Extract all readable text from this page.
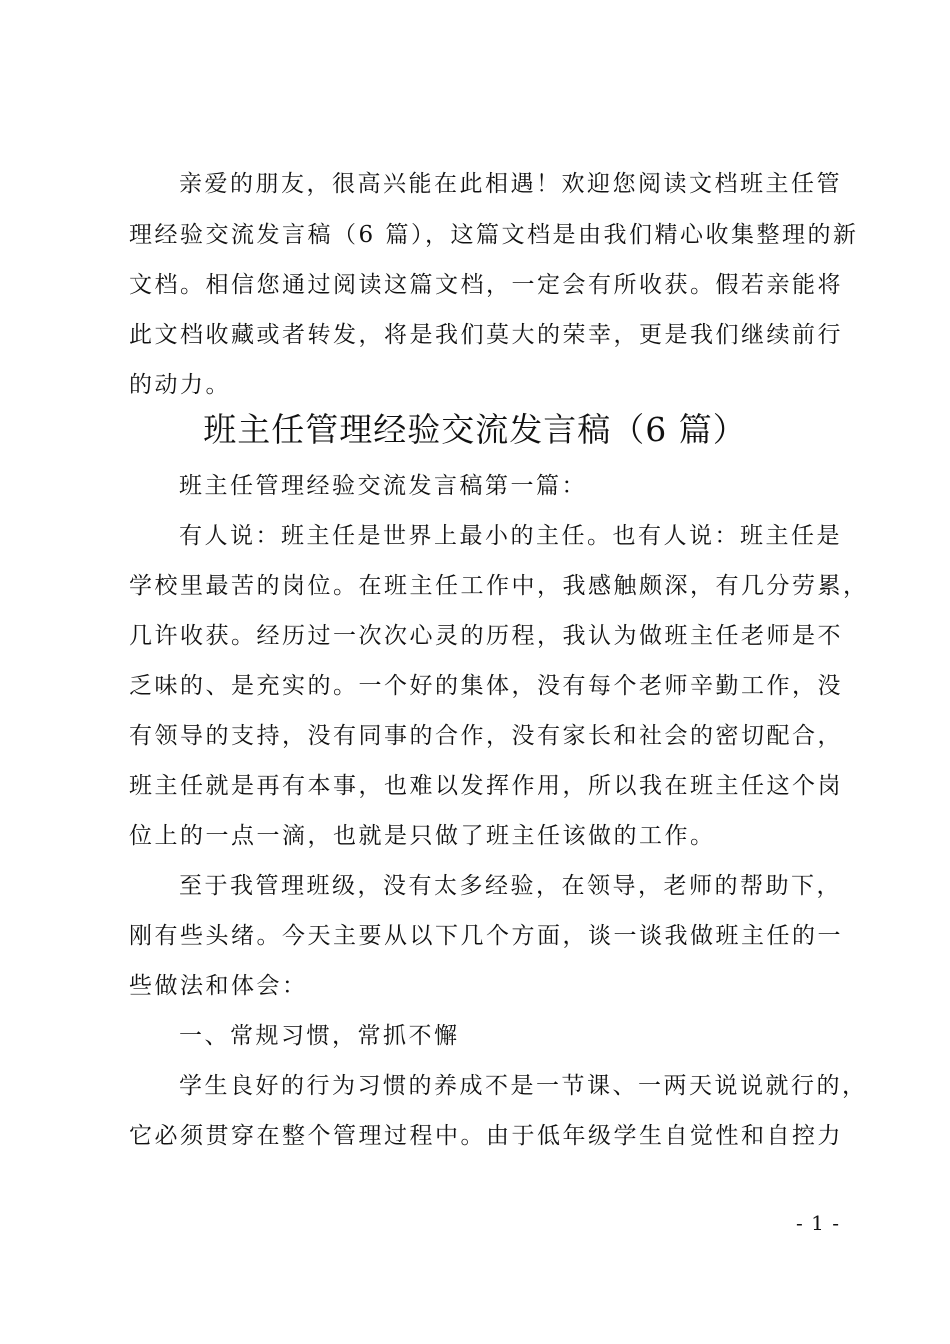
亲爱的朋友，很高兴能在此相遇！欢迎您阅读文档班主任管
理经验交流发言稿（6 篇），这篇文档是由我们精心收集整理的新
文档。相信您通过阅读这篇文档，一定会有所收获。假若亲能将
此文档收藏或者转发，将是我们莫大的荣幸，更是我们继续前行
的动力。
班主任管理经验交流发言稿（6 篇）
班主任管理经验交流发言稿第一篇：
有人说：班主任是世界上最小的主任。也有人说：班主任是
学校里最苦的岗位。在班主任工作中，我感触颇深，有几分劳累，
几许收获。经历过一次次心灵的历程，我认为做班主任老师是不
乏味的、是充实的。一个好的集体，没有每个老师辛勤工作，没
有领导的支持，没有同事的合作，没有家长和社会的密切配合，
班主任就是再有本事，也难以发挥作用，所以我在班主任这个岗
位上的一点一滴，也就是只做了班主任该做的工作。
至于我管理班级，没有太多经验，在领导，老师的帮助下，
刚有些头绪。今天主要从以下几个方面，谈一谈我做班主任的一
些做法和体会：
一、常规习惯，常抓不懈
学生良好的行为习惯的养成不是一节课、一两天说说就行的，
它必须贯穿在整个管理过程中。由于低年级学生自觉性和自控力
- 1 -
